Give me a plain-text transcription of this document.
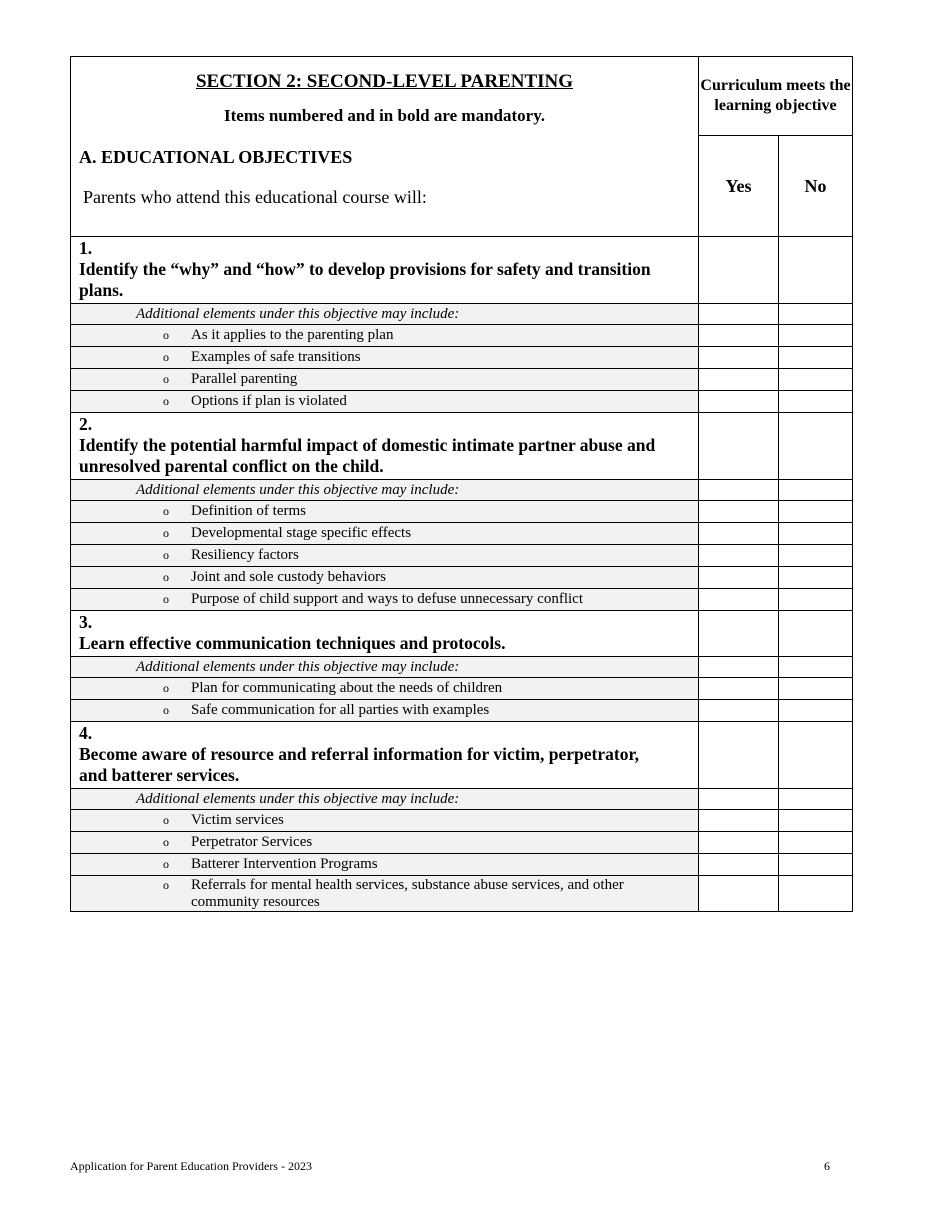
SECTION 2: SECOND-LEVEL PARENTING
Items numbered and in bold are mandatory.
A. EDUCATIONAL OBJECTIVES
Parents who attend this educational course will:	Curriculum meets the learning objective	
	Yes	No
1.Identify the “why” and “how” to develop provisions for safety and transition plans.		
Additional elements under this objective may include:		
o As it applies to the parenting plan		
o Examples of safe transitions		
o Parallel parenting		
o Options if plan is violated		
2.Identify the potential harmful impact of domestic intimate partner abuse and unresolved parental conflict on the child.		
Additional elements under this objective may include:		
o Definition of terms		
o Developmental stage specific effects		
o Resiliency factors		
o Joint and sole custody behaviors		
o Purpose of child support and ways to defuse unnecessary conflict		
3.Learn effective communication techniques and protocols.		
Additional elements under this objective may include:		
o Plan for communicating about the needs of children		
o Safe communication for all parties with examples		
4.Become aware of resource and referral information for victim, perpetrator, and batterer services.		
Additional elements under this objective may include:		
o Victim services		
o Perpetrator Services		
o Batterer Intervention Programs		
o Referrals for mental health services, substance abuse services, and other community resources		
Application for Parent Education Providers - 2023	6
